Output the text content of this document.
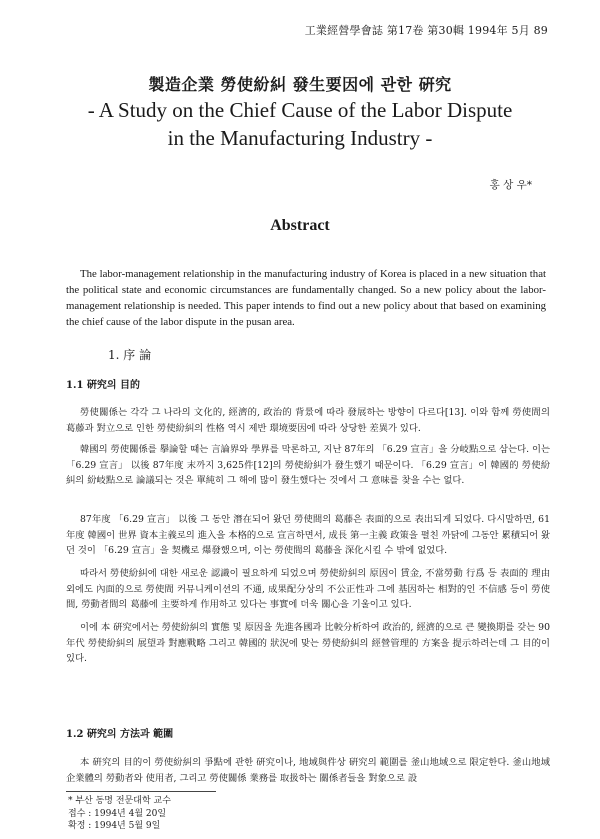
工業經營學會誌 第17卷 第30輯 1994年 5月 89
製造企業 勞使紛糾 發生要因에 관한 硏究
- A Study on the Chief Cause of the Labor Dispute
in the Manufacturing Industry -
홍 상 우*
Abstract
The labor-management relationship in the manufacturing industry of Korea is placed in a new situation that the political state and economic circumstances are fundamentally changed. So a new policy about the labor-management relationship is needed. This paper intends to find out a new policy about that based on examining the chief cause of the labor dispute in the pusan area.
1. 序 論
1.1 硏究의 目的
勞使關係는 각각 그 나라의 文化的, 經濟的, 政治的 背景에 따라 發展하는 방향이 다르다[13]. 이와 함께 勞使間의 葛藤과 對立으로 인한 勞使紛糾의 性格 역시 제반 環境要因에 따라 상당한 差異가 있다.
韓國의 勞使關係를 擧論할 때는 言論界와 學界를 막론하고, 지난 87年의 「6.29 宣言」을 分岐點으로 삼는다. 이는 「6.29 宣言」 以後 87年度 末까지 3,625件[12]의 勞使紛糾가 發生했기 때문이다. 「6.29 宣言」이 韓國的 勞使紛糾의 紛岐點으로 論議되는 것은 單純히 그 해에 많이 發生했다는 것에서 그 意味를 찾을 수는 없다.
87年度 「6.29 宣言」 以後 그 동안 潛在되어 왔던 勞使間의 葛藤은 表面的으로 表出되게 되었다. 다시말하면, 61年度 韓國이 世界 資本主義로의 進入을 本格的으로 宣言하면서, 成長 第一主義 政策을 펼친 까닭에 그동안 累積되어 왔던 것이 「6.29 宣言」을 契機로 爆發했으며, 이는 勞使間의 葛藤을 深化시킬 수 밖에 없었다.
따라서 勞使紛糾에 대한 새로운 認識이 필요하게 되었으며 勞使紛糾의 原因이 賃金, 不當勞動 行爲 등 表面的 理由 외에도 內面的으로 勞使間 커뮤니케이션의 不通, 成果配分상의 不公正性과 그에 基因하는 相對的인 不信感 등이 勞使間, 勞動者間의 葛藤에 主要하게 作用하고 있다는 事實에 더욱 關心을 기울이고 있다.
이에 本 硏究에서는 勞使紛糾의 實態 및 原因을 先進各國과 比較分析하여 政治的, 經濟的으로 큰 變換期를 갖는 90年代 勞使紛糾의 展望과 對應戰略 그리고 韓國的 狀況에 맞는 勞使紛糾의 經營管理的 方案을 提示하려는데 그 目的이 있다.
1.2 硏究의 方法과 範圍
本 硏究의 目的이 勞使紛糾의 爭點에 관한 硏究이나, 地域與件상 硏究의 範圍를 釜山地域으로 限定한다. 釜山地域 企業體의 勞動者와 使用者, 그리고 勞使關係 業務를 取扱하는 關係者들을 對象으로 設
* 부산 동명 전문대학 교수
접수 : 1994년 4월 20일
확정 : 1994년 5월 9일
